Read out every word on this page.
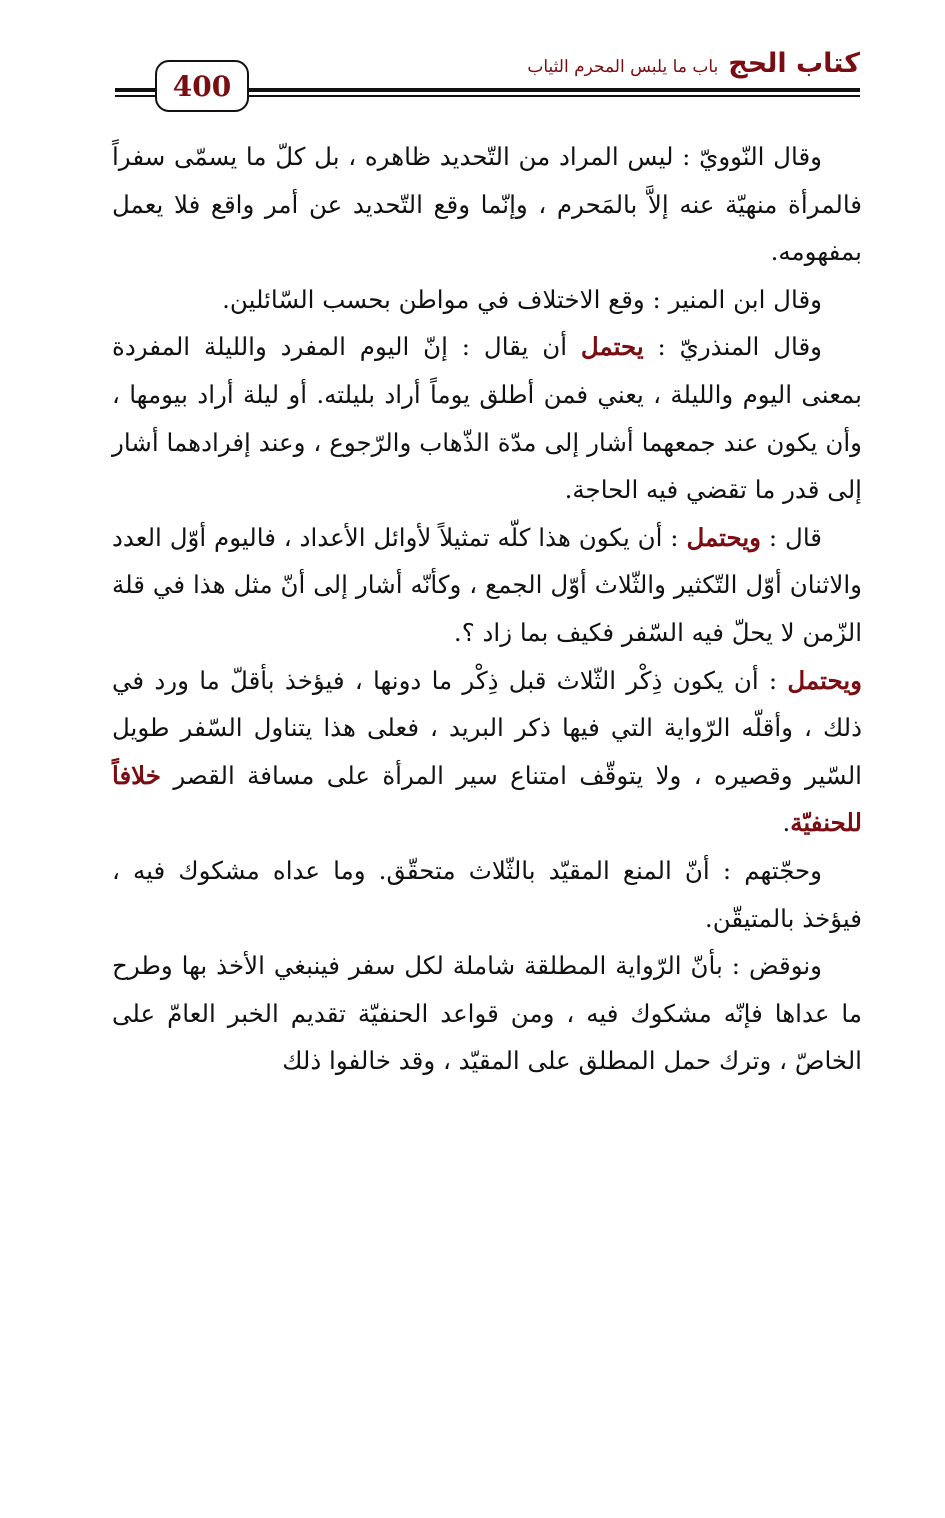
400
كتاب الحج
باب ما يلبس المحرم الثياب

وقال النّوويّ : ليس المراد من التّحديد ظاهره ، بل كلّ ما يسمّى سفراً فالمرأة منهيّة عنه إلاَّ بالمَحرم ، وإنّما وقع التّحديد عن أمر واقع فلا يعمل بمفهومه.

وقال ابن المنير : وقع الاختلاف في مواطن بحسب السّائلين.

وقال المنذريّ : يحتمل أن يقال : إنّ اليوم المفرد والليلة المفردة بمعنى اليوم والليلة ، يعني فمن أطلق يوماً أراد بليلته. أو ليلة أراد بيومها ، وأن يكون عند جمعهما أشار إلى مدّة الذّهاب والرّجوع ، وعند إفرادهما أشار إلى قدر ما تقضي فيه الحاجة.

قال : ويحتمل : أن يكون هذا كلّه تمثيلاً لأوائل الأعداد ، فاليوم أوّل العدد والاثنان أوّل التّكثير والثّلاث أوّل الجمع ، وكأنّه أشار إلى أنّ مثل هذا في قلة الزّمن لا يحلّ فيه السّفر فكيف بما زاد ؟.

ويحتمل : أن يكون ذِكْر الثّلاث قبل ذِكْر ما دونها ، فيؤخذ بأقلّ ما ورد في ذلك ، وأقلّه الرّواية التي فيها ذكر البريد ، فعلى هذا يتناول السّفر طويل السّير وقصيره ، ولا يتوقّف امتناع سير المرأة على مسافة القصر خلافاً للحنفيّة.

وحجّتهم : أنّ المنع المقيّد بالثّلاث متحقّق. وما عداه مشكوك فيه ، فيؤخذ بالمتيقّن.

ونوقض : بأنّ الرّواية المطلقة شاملة لكل سفر فينبغي الأخذ بها وطرح ما عداها فإنّه مشكوك فيه ، ومن قواعد الحنفيّة تقديم الخبر العامّ على الخاصّ ، وترك حمل المطلق على المقيّد ، وقد خالفوا ذلك
